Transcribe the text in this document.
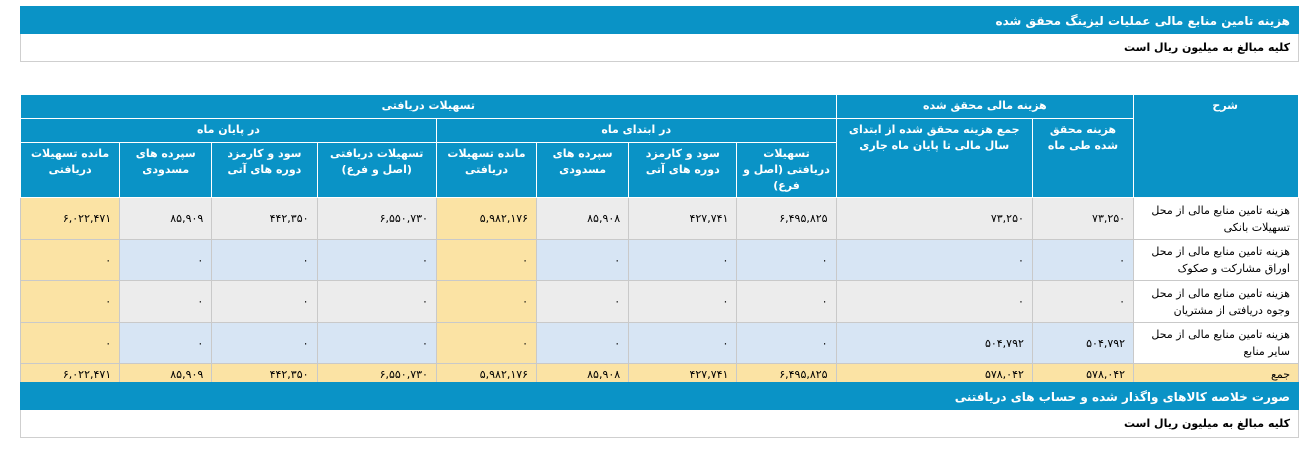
هزینه تامین منابع مالی عملیات لیزینگ محقق شده
کلیه مبالغ به میلیون ریال است
شرح	هزینه مالی محقق شده		تسهیلات دریافتی							
	هزینه محقق شده طی ماه	جمع هزینه محقق شده از ابتدای سال مالی تا پایان ماه جاری	در ابتدای ماه				در پایان ماه			
			تسهیلات دریافتی (اصل و فرع)	سود و کارمزد دوره های آتی	سپرده های مسدودی	مانده تسهیلات دریافتی	تسهیلات دریافتی (اصل و فرع)	سود و کارمزد دوره های آتی	سپرده های مسدودی	مانده تسهیلات دریافتی
هزینه تامین منابع مالی از محل تسهیلات بانکی	۷۳,۲۵۰	۷۳,۲۵۰	۶,۴۹۵,۸۲۵	۴۲۷,۷۴۱	۸۵,۹۰۸	۵,۹۸۲,۱۷۶	۶,۵۵۰,۷۳۰	۴۴۲,۳۵۰	۸۵,۹۰۹	۶,۰۲۲,۴۷۱
هزینه تامین منابع مالی از محل اوراق مشارکت و صکوک	۰	۰	۰	۰	۰	۰	۰	۰	۰	۰
هزینه تامین منابع مالی از محل وجوه دریافتی از مشتریان	۰	۰	۰	۰	۰	۰	۰	۰	۰	۰
هزینه تامین منابع مالی از محل سایر منابع	۵۰۴,۷۹۲	۵۰۴,۷۹۲	۰	۰	۰	۰	۰	۰	۰	۰
جمع	۵۷۸,۰۴۲	۵۷۸,۰۴۲	۶,۴۹۵,۸۲۵	۴۲۷,۷۴۱	۸۵,۹۰۸	۵,۹۸۲,۱۷۶	۶,۵۵۰,۷۳۰	۴۴۲,۳۵۰	۸۵,۹۰۹	۶,۰۲۲,۴۷۱
صورت خلاصه کالاهای واگذار شده و حساب های دریافتنی
کلیه مبالغ به میلیون ریال است
